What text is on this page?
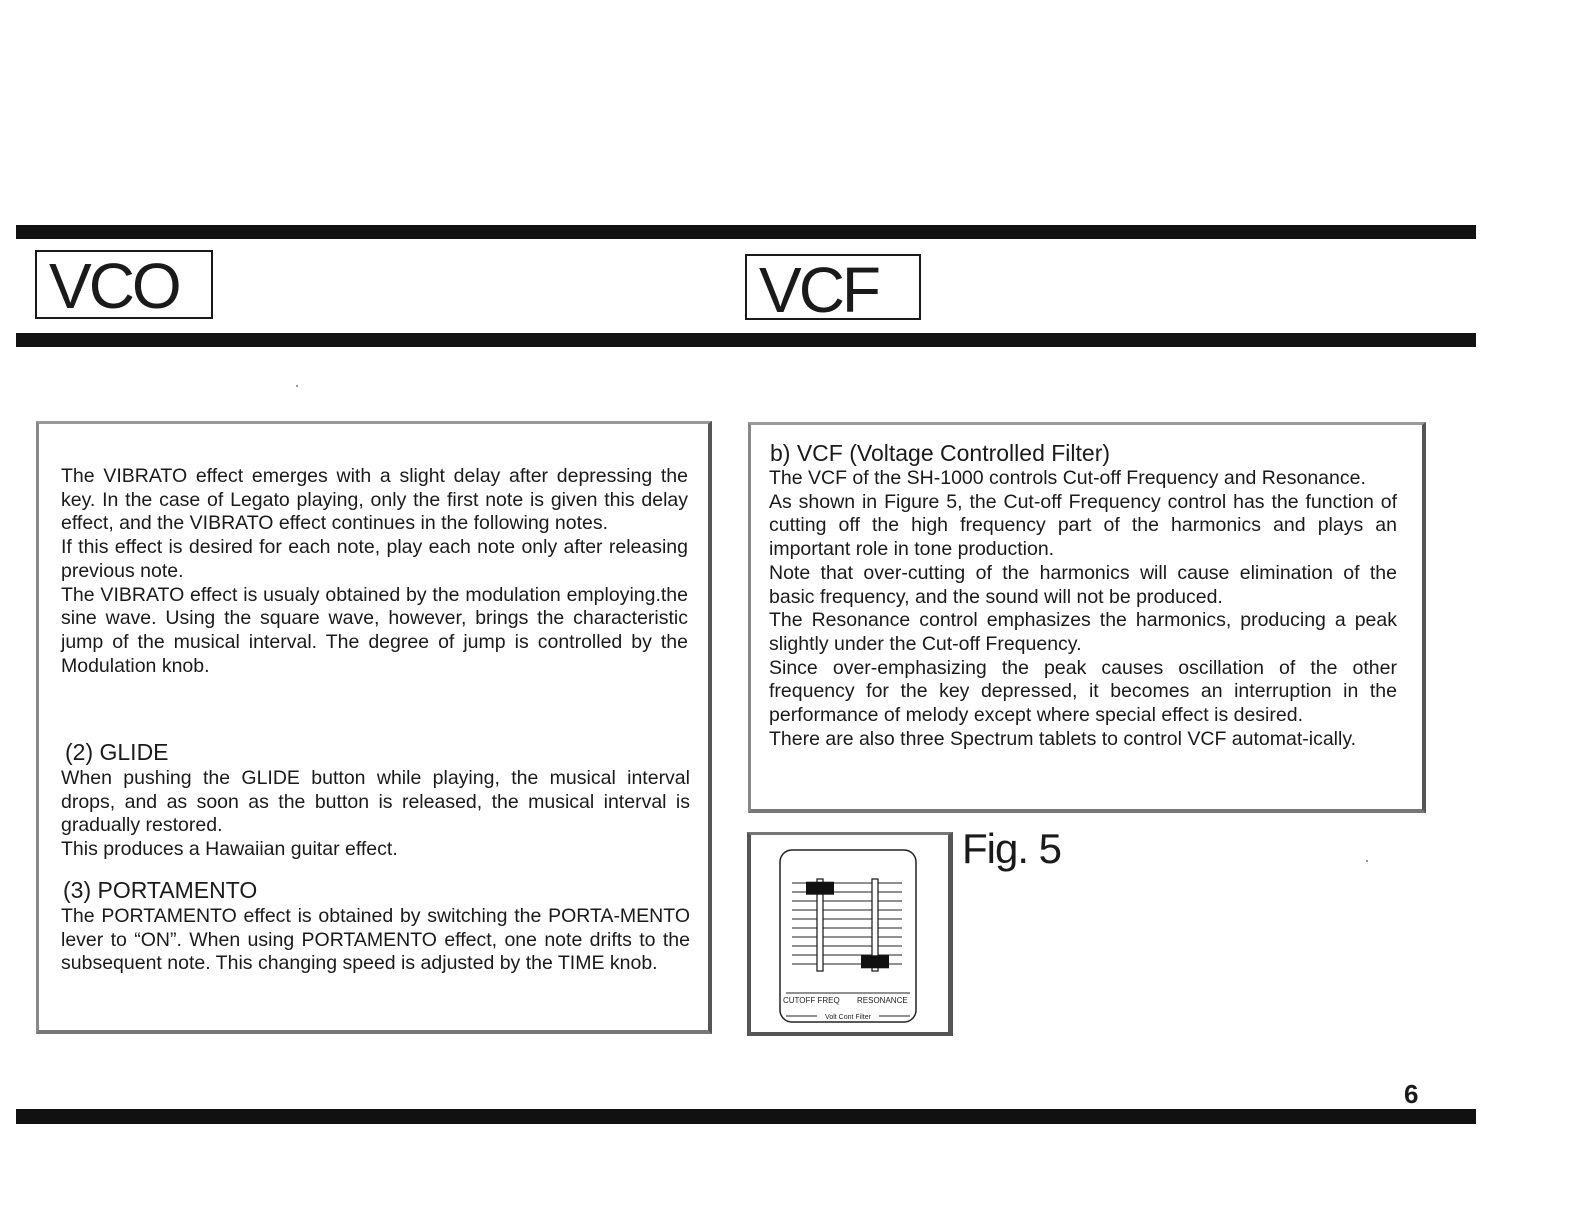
VCO	VCF

The VIBRATO effect emerges with a slight delay after depressing the key. In the case of Legato playing, only the first note is given this delay effect, and the VIBRATO effect continues in the following notes.

If this effect is desired for each note, play each note only after releasing previous note.

The VIBRATO effect is usualy obtained by the modulation employing.the sine wave. Using the square wave, however, brings the characteristic jump of the musical interval. The degree of jump is controlled by the Modulation knob.

(2) GLIDE

When pushing the GLIDE button while playing, the musical interval drops, and as soon as the button is released, the musical interval is gradually restored.

This produces a Hawaiian guitar effect.

(3) PORTAMENTO

The PORTAMENTO effect is obtained by switching the PORTA-MENTO lever to “ON”. When using PORTAMENTO effect, one note drifts to the subsequent note. This changing speed is adjusted by the TIME knob.

b) VCF (Voltage Controlled Filter)

The VCF of the SH-1000 controls Cut-off Frequency and Resonance.

As shown in Figure 5, the Cut-off Frequency control has the function of cutting off the high frequency part of the harmonics and plays an important role in tone production.

Note that over-cutting of the harmonics will cause elimination of the basic frequency, and the sound will not be produced.

The Resonance control emphasizes the harmonics, producing a peak slightly under the Cut-off Frequency.

Since over-emphasizing the peak causes oscillation of the other frequency for the key depressed, it becomes an interruption in the performance of melody except where special effect is desired.

There are also three Spectrum tablets to control VCF automat-ically.

CUTOFF FREQ RESONANCE
Volt Cont Filter
Fig. 5
6
